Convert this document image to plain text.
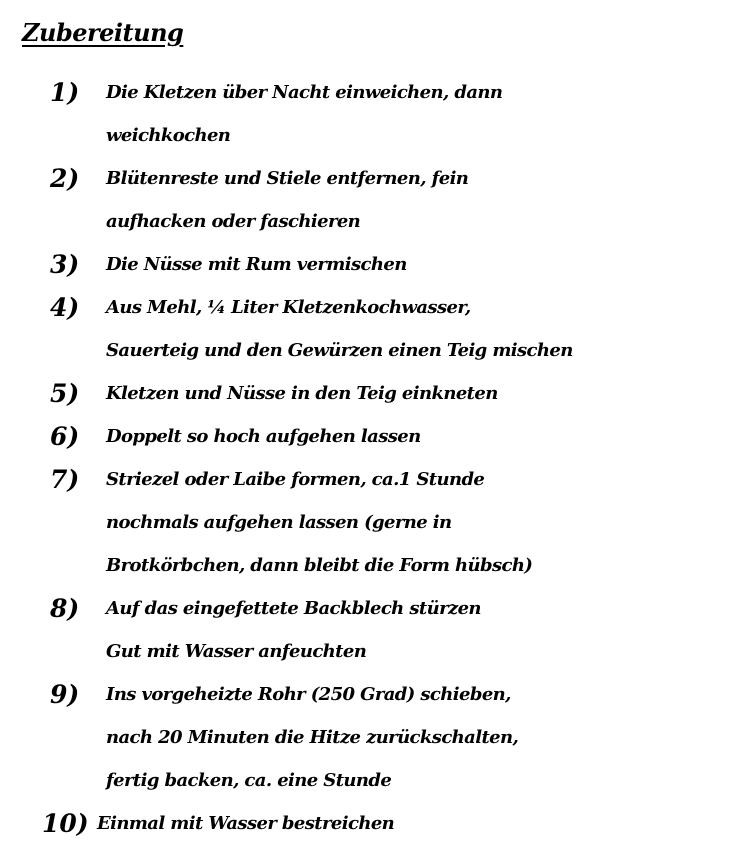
Zubereitung
1)	Die Kletzen über Nacht einweichen, dann
weichkochen
2)	Blütenreste und Stiele entfernen, fein
aufhacken oder faschieren
3)	Die Nüsse mit Rum vermischen
4)	Aus Mehl, ¼ Liter Kletzenkochwasser,
Sauerteig und den Gewürzen einen Teig mischen
5)	Kletzen und Nüsse in den Teig einkneten
6)	Doppelt so hoch aufgehen lassen
7)	Striezel oder Laibe formen, ca.1 Stunde
nochmals aufgehen lassen (gerne in
Brotkörbchen, dann bleibt die Form hübsch)
8)	Auf das eingefettete Backblech stürzen
Gut mit Wasser anfeuchten
9)	Ins vorgeheizte Rohr (250 Grad) schieben,
nach 20 Minuten die Hitze zurückschalten,
fertig backen, ca. eine Stunde
10) Einmal mit Wasser bestreichen
